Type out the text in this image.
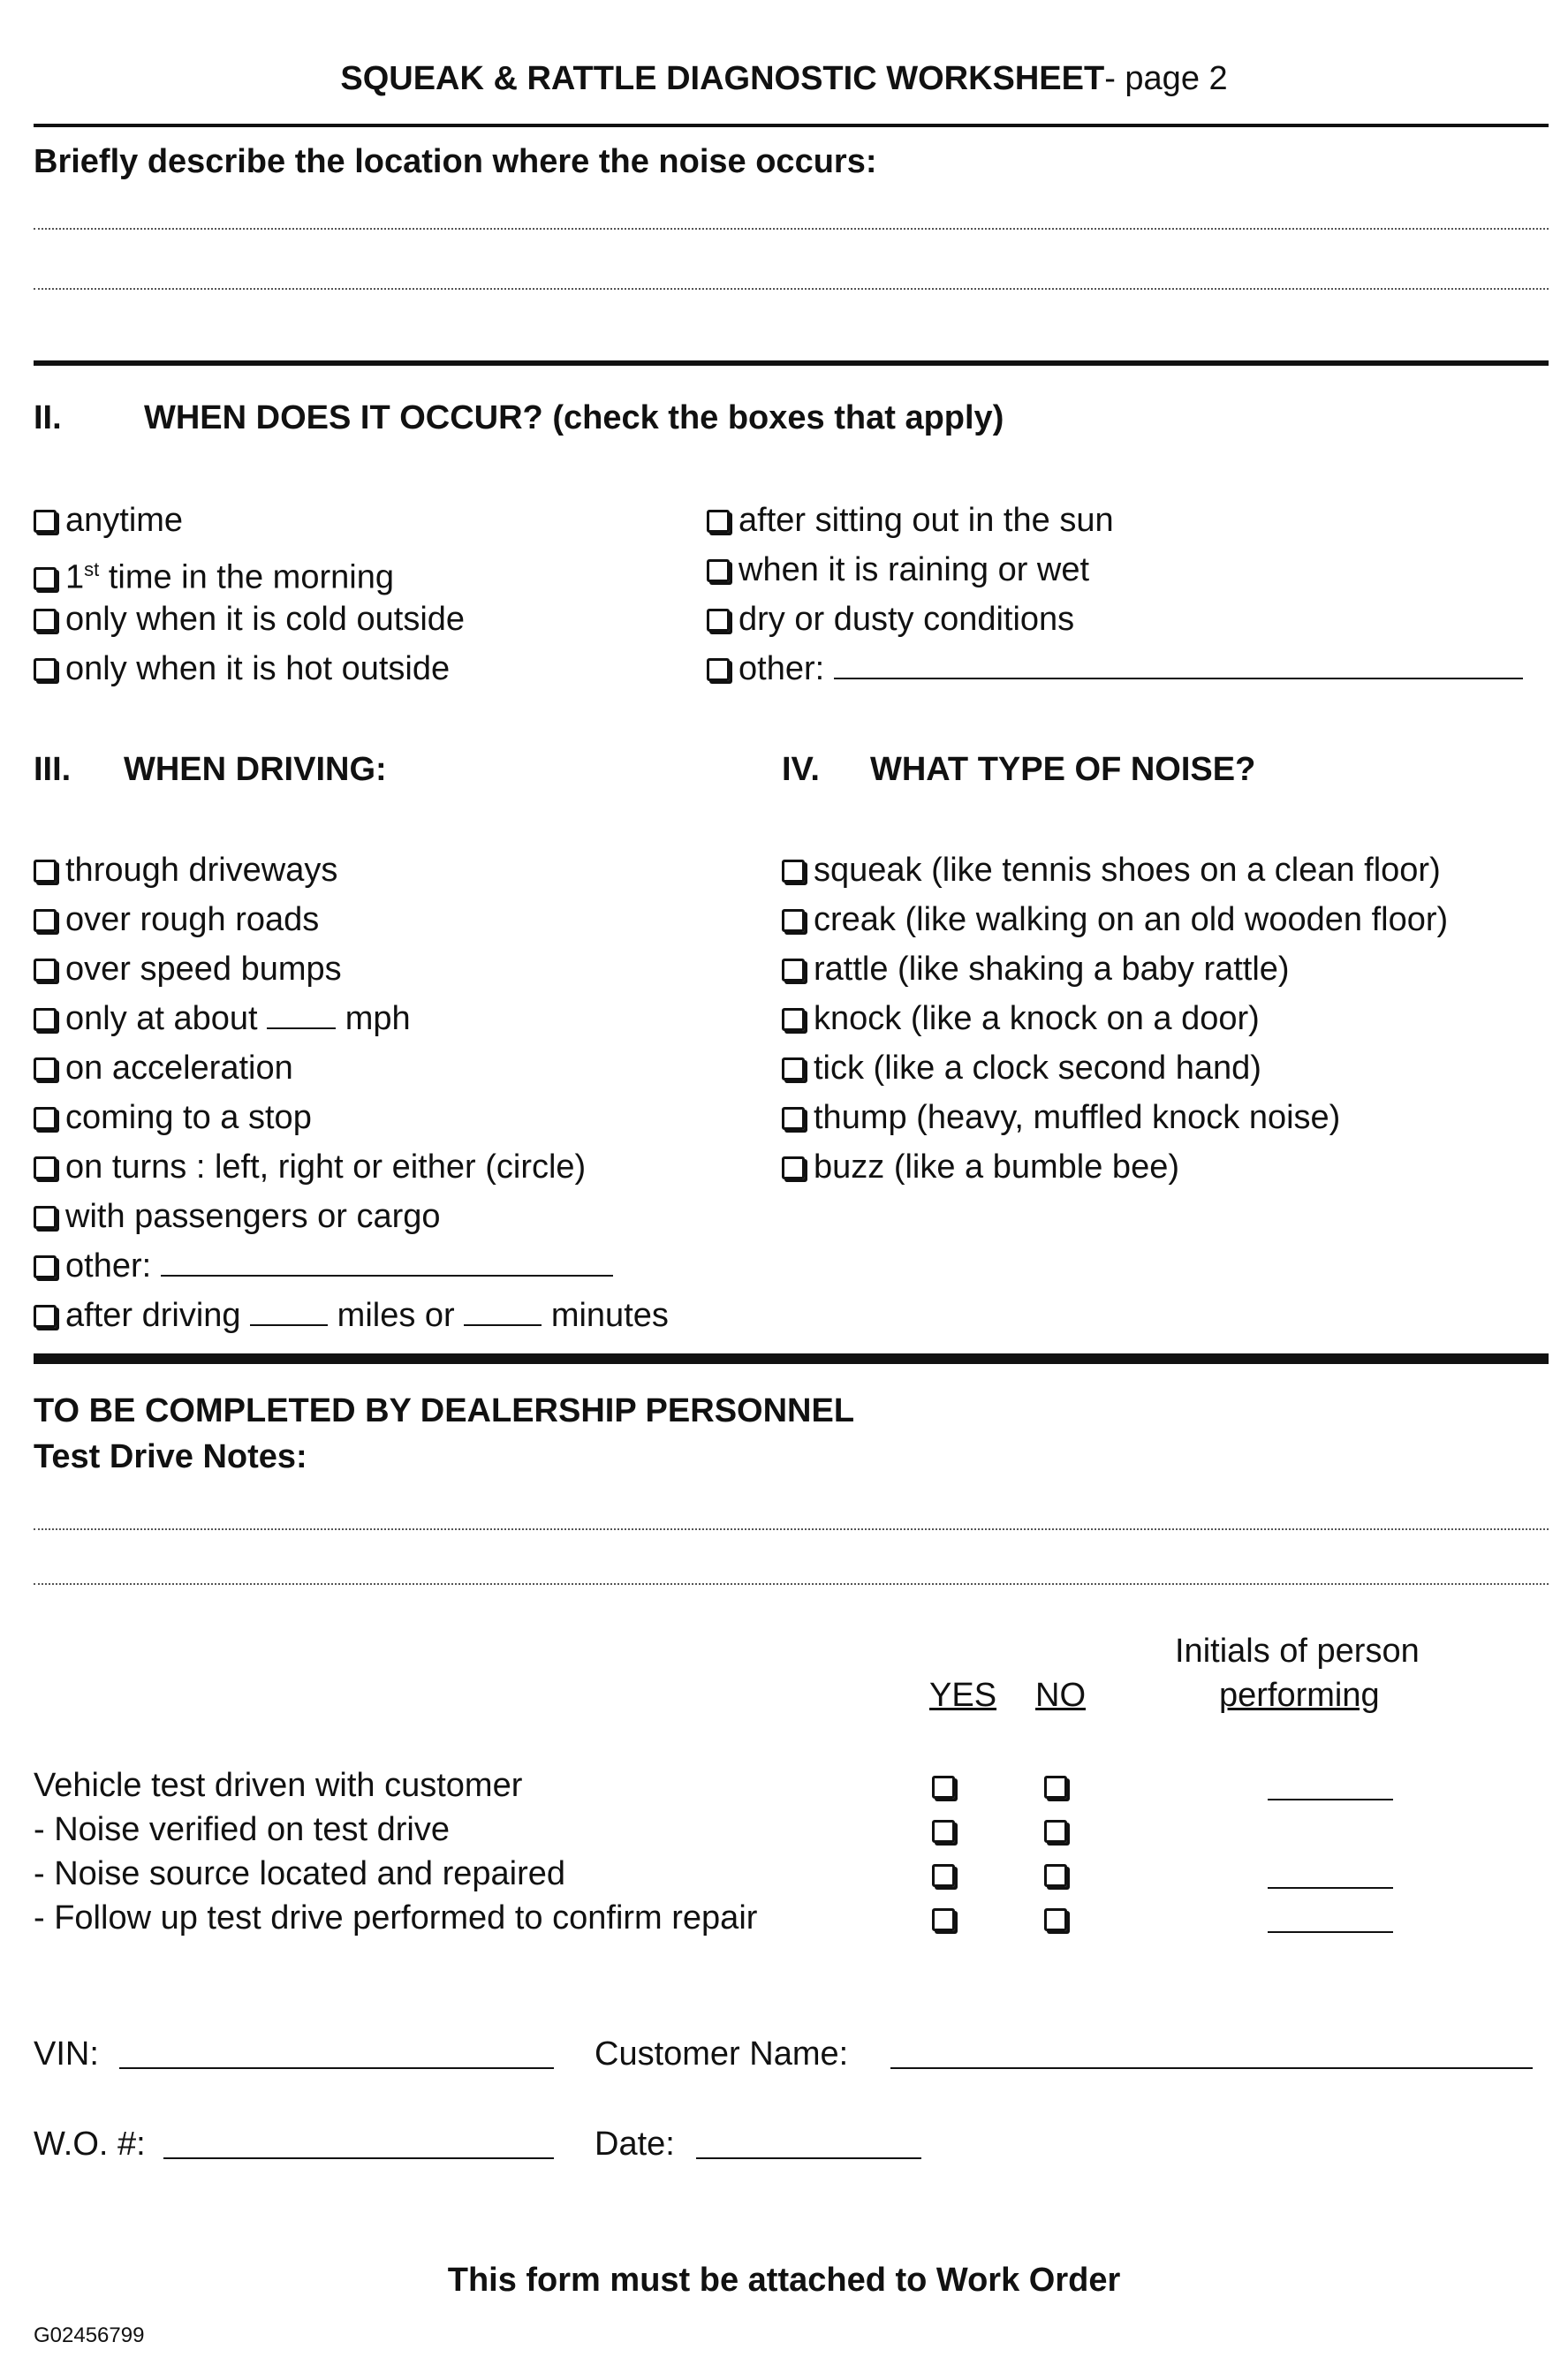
SQUEAK & RATTLE DIAGNOSTIC WORKSHEET- page 2
Briefly describe the location where the noise occurs:
II. WHEN DOES IT OCCUR? (check the boxes that apply)
anytime
1st time in the morning
only when it is cold outside
only when it is hot outside
after sitting out in the sun
when it is raining or wet
dry or dusty conditions
other:
III. WHEN DRIVING:
through driveways
over rough roads
over speed bumps
only at about	mph
on acceleration
coming to a stop
on turns : left, right or either (circle)
with passengers or cargo
other:
after driving	miles or	minutes
IV. WHAT TYPE OF NOISE?
squeak (like tennis shoes on a clean floor)
creak (like walking on an old wooden floor)
rattle (like shaking a baby rattle)
knock (like a knock on a door)
tick (like a clock second hand)
thump (heavy, muffled knock noise)
buzz (like a bumble bee)
TO BE COMPLETED BY DEALERSHIP PERSONNEL
Test Drive Notes:
Initials of person
YES NO	performing
Vehicle test driven with customer
- Noise verified on test drive
- Noise source located and repaired
- Follow up test drive performed to confirm repair
VIN:	Customer Name:
W.O. #:	Date:
This form must be attached to Work Order
G02456799
